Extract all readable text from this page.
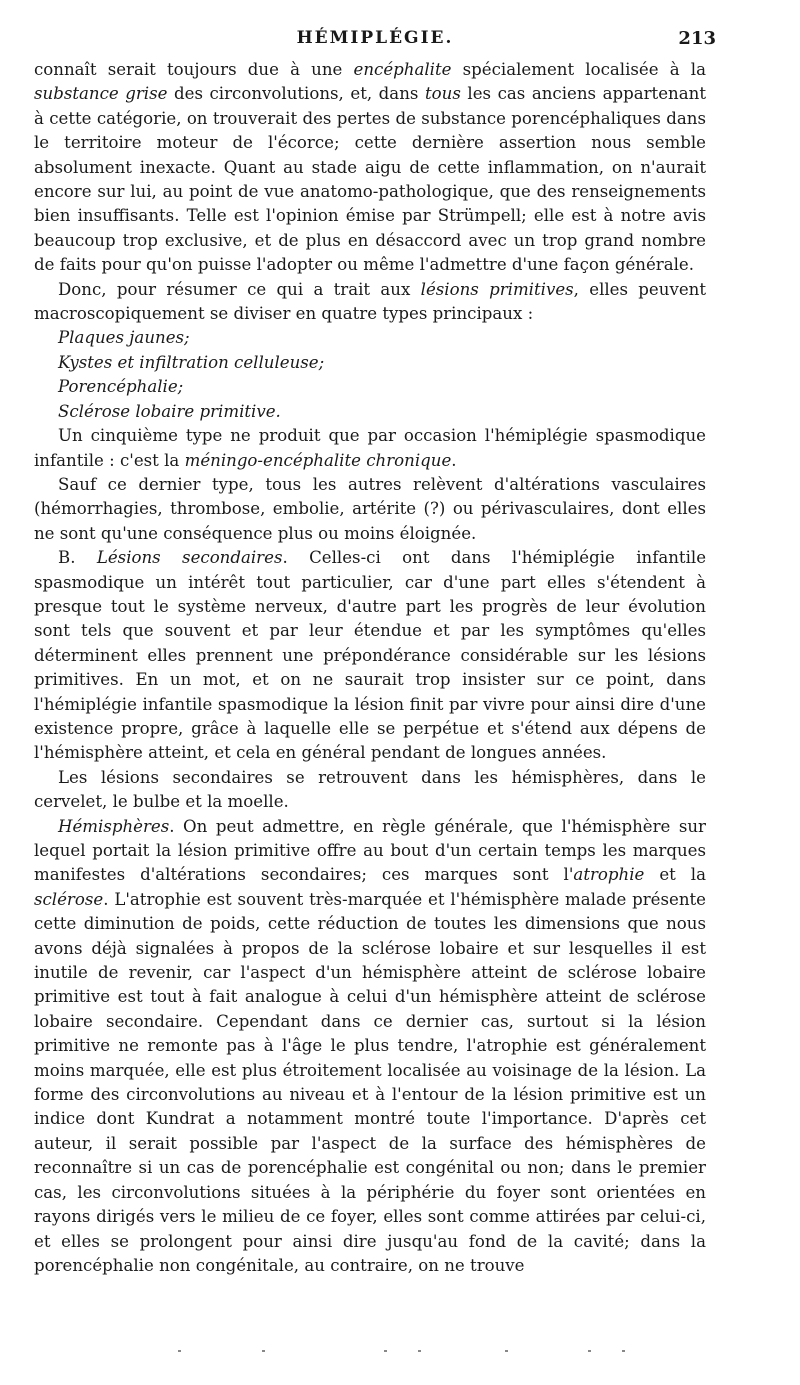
HÉMIPLÉGIE.	213

connaît serait toujours due à une encéphalite spécialement localisée à la substance grise des circonvolutions, et, dans tous les cas anciens appartenant à cette catégorie, on trouverait des pertes de substance porencéphaliques dans le territoire moteur de l'écorce; cette dernière assertion nous semble absolument inexacte. Quant au stade aigu de cette inflammation, on n'aurait encore sur lui, au point de vue anatomo-pathologique, que des renseignements bien insuffisants. Telle est l'opinion émise par Strümpell; elle est à notre avis beaucoup trop exclusive, et de plus en désaccord avec un trop grand nombre de faits pour qu'on puisse l'adopter ou même l'admettre d'une façon générale.

Donc, pour résumer ce qui a trait aux lésions primitives, elles peuvent macroscopiquement se diviser en quatre types principaux :

Plaques jaunes;
Kystes et infiltration celluleuse;
Porencéphalie;
Sclérose lobaire primitive.

Un cinquième type ne produit que par occasion l'hémiplégie spasmodique infantile : c'est la méningo-encéphalite chronique.

Sauf ce dernier type, tous les autres relèvent d'altérations vasculaires (hémorrhagies, thrombose, embolie, artérite (?) ou périvasculaires, dont elles ne sont qu'une conséquence plus ou moins éloignée.

B. Lésions secondaires. Celles-ci ont dans l'hémiplégie infantile spasmodique un intérêt tout particulier, car d'une part elles s'étendent à presque tout le système nerveux, d'autre part les progrès de leur évolution sont tels que souvent et par leur étendue et par les symptômes qu'elles déterminent elles prennent une prépondérance considérable sur les lésions primitives. En un mot, et on ne saurait trop insister sur ce point, dans l'hémiplégie infantile spasmodique la lésion finit par vivre pour ainsi dire d'une existence propre, grâce à laquelle elle se perpétue et s'étend aux dépens de l'hémisphère atteint, et cela en général pendant de longues années.

Les lésions secondaires se retrouvent dans les hémisphères, dans le cervelet, le bulbe et la moelle.

Hémisphères. On peut admettre, en règle générale, que l'hémisphère sur lequel portait la lésion primitive offre au bout d'un certain temps les marques manifestes d'altérations secondaires; ces marques sont l'atrophie et la sclérose. L'atrophie est souvent très-marquée et l'hémisphère malade présente cette diminution de poids, cette réduction de toutes les dimensions que nous avons déjà signalées à propos de la sclérose lobaire et sur lesquelles il est inutile de revenir, car l'aspect d'un hémisphère atteint de sclérose lobaire primitive est tout à fait analogue à celui d'un hémisphère atteint de sclérose lobaire secondaire. Cependant dans ce dernier cas, surtout si la lésion primitive ne remonte pas à l'âge le plus tendre, l'atrophie est généralement moins marquée, elle est plus étroitement localisée au voisinage de la lésion. La forme des circonvolutions au niveau et à l'entour de la lésion primitive est un indice dont Kundrat a notamment montré toute l'importance. D'après cet auteur, il serait possible par l'aspect de la surface des hémisphères de reconnaître si un cas de porencéphalie est congénital ou non; dans le premier cas, les circonvolutions situées à la périphérie du foyer sont orientées en rayons dirigés vers le milieu de ce foyer, elles sont comme attirées par celui-ci, et elles se prolongent pour ainsi dire jusqu'au fond de la cavité; dans la porencéphalie non congénitale, au contraire, on ne trouve
